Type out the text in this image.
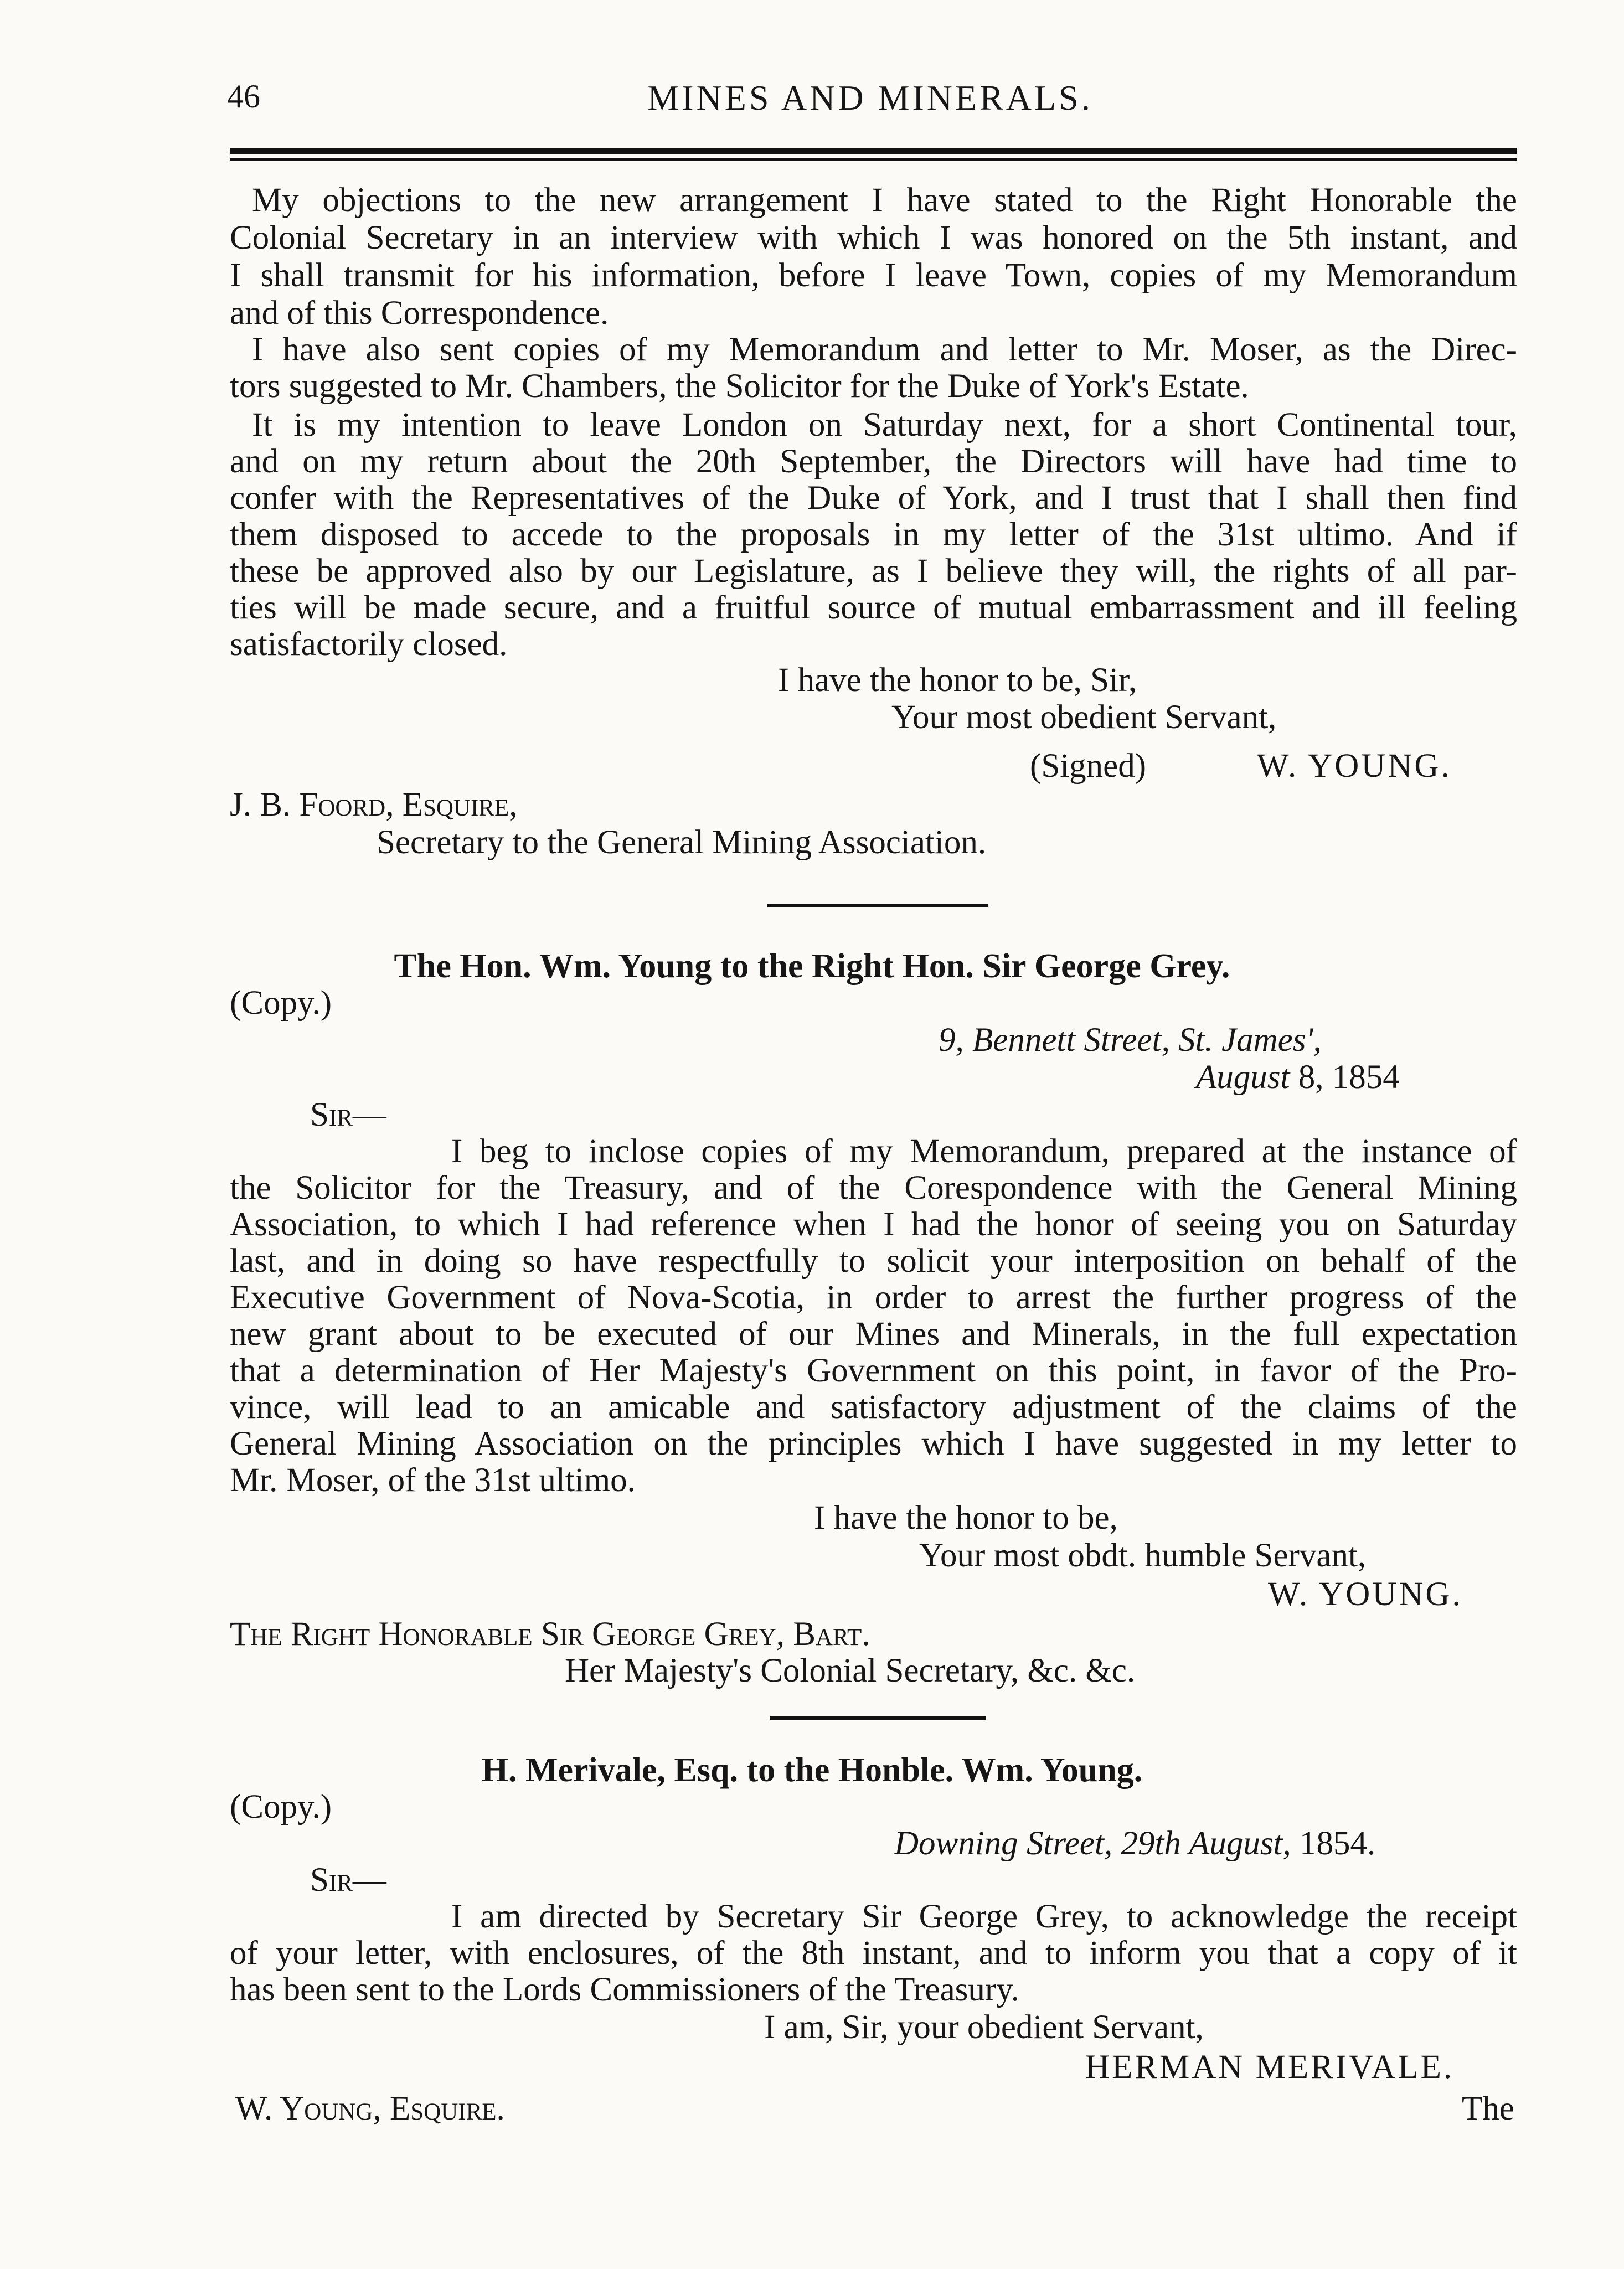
46	MINES AND MINERALS.
My objections to the new arrangement I have stated to the Right Honorable the
Colonial Secretary in an interview with which I was honored on the 5th instant, and
I shall transmit for his information, before I leave Town, copies of my Memorandum
and of this Correspondence.
I have also sent copies of my Memorandum and letter to Mr. Moser, as the Direc-
tors suggested to Mr. Chambers, the Solicitor for the Duke of York's Estate.
It is my intention to leave London on Saturday next, for a short Continental tour,
and on my return about the 20th September, the Directors will have had time to
confer with the Representatives of the Duke of York, and I trust that I shall then find
them disposed to accede to the proposals in my letter of the 31st ultimo. And if
these be approved also by our Legislature, as I believe they will, the rights of all par-
ties will be made secure, and a fruitful source of mutual embarrassment and ill feeling
satisfactorily closed.
I have the honor to be, Sir,
Your most obedient Servant,
(Signed)	W. YOUNG.
J. B. Foord, Esquire,
Secretary to the General Mining Association.
The Hon. Wm. Young to the Right Hon. Sir George Grey.
(Copy.)
9, Bennett Street, St. James',
August 8, 1854
Sir—
I beg to inclose copies of my Memorandum, prepared at the instance of
the Solicitor for the Treasury, and of the Corespondence with the General Mining
Association, to which I had reference when I had the honor of seeing you on Saturday
last, and in doing so have respectfully to solicit your interposition on behalf of the
Executive Government of Nova-Scotia, in order to arrest the further progress of the
new grant about to be executed of our Mines and Minerals, in the full expectation
that a determination of Her Majesty's Government on this point, in favor of the Pro-
vince, will lead to an amicable and satisfactory adjustment of the claims of the
General Mining Association on the principles which I have suggested in my letter to
Mr. Moser, of the 31st ultimo.
I have the honor to be,
Your most obdt. humble Servant,
W. YOUNG.
The Right Honorable Sir George Grey, Bart.
Her Majesty's Colonial Secretary, &c. &c.
H. Merivale, Esq. to the Honble. Wm. Young.
(Copy.)
Downing Street, 29th August, 1854.
Sir—
I am directed by Secretary Sir George Grey, to acknowledge the receipt
of your letter, with enclosures, of the 8th instant, and to inform you that a copy of it
has been sent to the Lords Commissioners of the Treasury.
I am, Sir, your obedient Servant,
HERMAN MERIVALE.
W. Young, Esquire.	The
